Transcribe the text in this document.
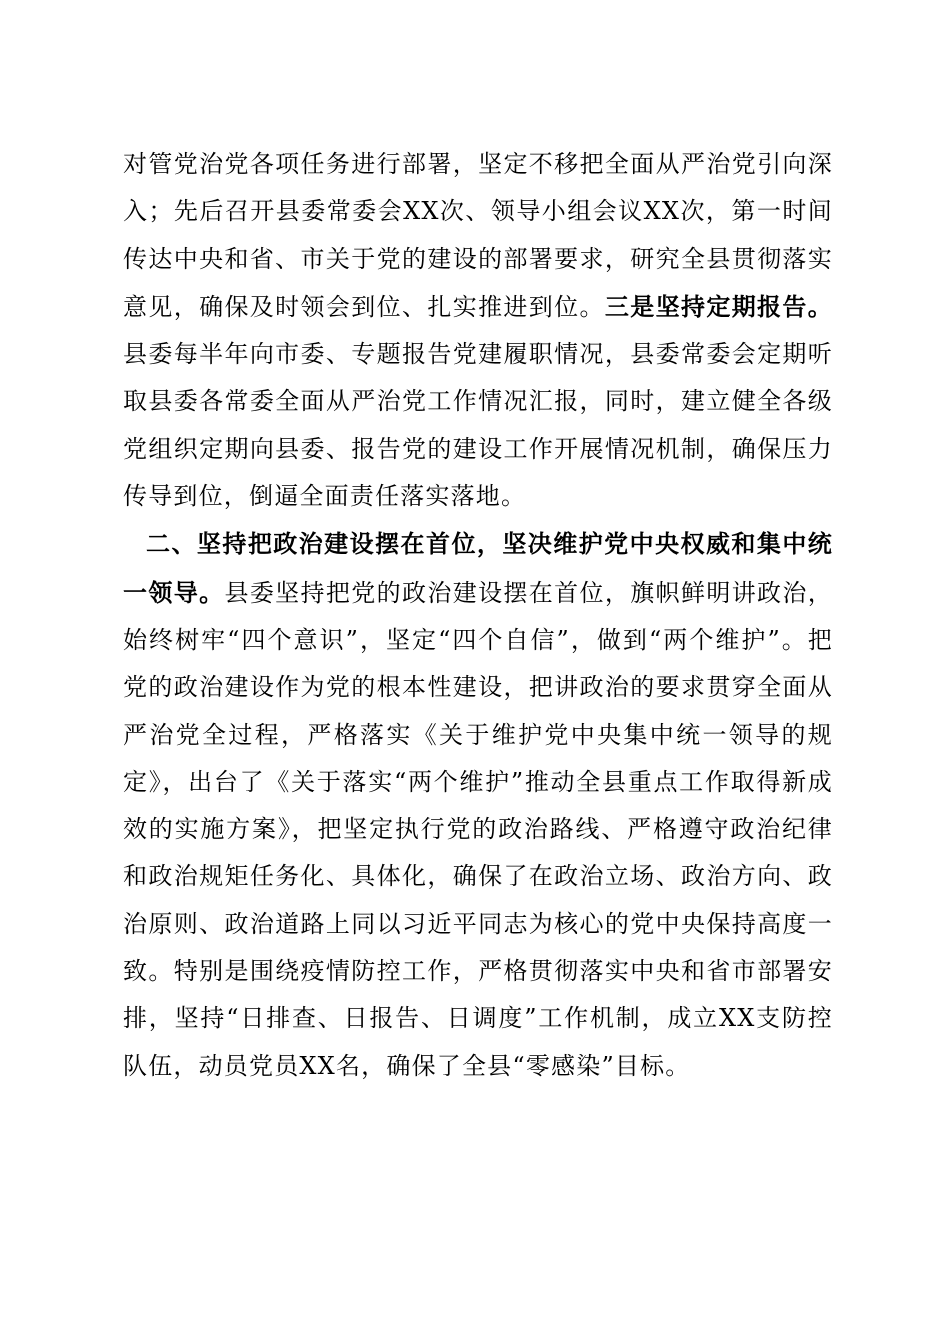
对管党治党各项任务进行部署，坚定不移把全面从严治党引向深入；先后召开县委常委会XX次、领导小组会议XX次，第一时间传达中央和省、市关于党的建设的部署要求，研究全县贯彻落实意见，确保及时领会到位、扎实推进到位。三是坚持定期报告。县委每半年向市委、专题报告党建履职情况，县委常委会定期听取县委各常委全面从严治党工作情况汇报，同时，建立健全各级党组织定期向县委、报告党的建设工作开展情况机制，确保压力传导到位，倒逼全面责任落实落地。

二、坚持把政治建设摆在首位，坚决维护党中央权威和集中统一领导。县委坚持把党的政治建设摆在首位，旗帜鲜明讲政治，始终树牢“四个意识”，坚定“四个自信”，做到“两个维护”。把党的政治建设作为党的根本性建设，把讲政治的要求贯穿全面从严治党全过程，严格落实《关于维护党中央集中统一领导的规定》，出台了《关于落实“两个维护”推动全县重点工作取得新成效的实施方案》，把坚定执行党的政治路线、严格遵守政治纪律和政治规矩任务化、具体化，确保了在政治立场、政治方向、政治原则、政治道路上同以习近平同志为核心的党中央保持高度一致。特别是围绕疫情防控工作，严格贯彻落实中央和省市部署安排，坚持“日排查、日报告、日调度”工作机制，成立XX支防控队伍，动员党员XX名，确保了全县“零感染”目标。
